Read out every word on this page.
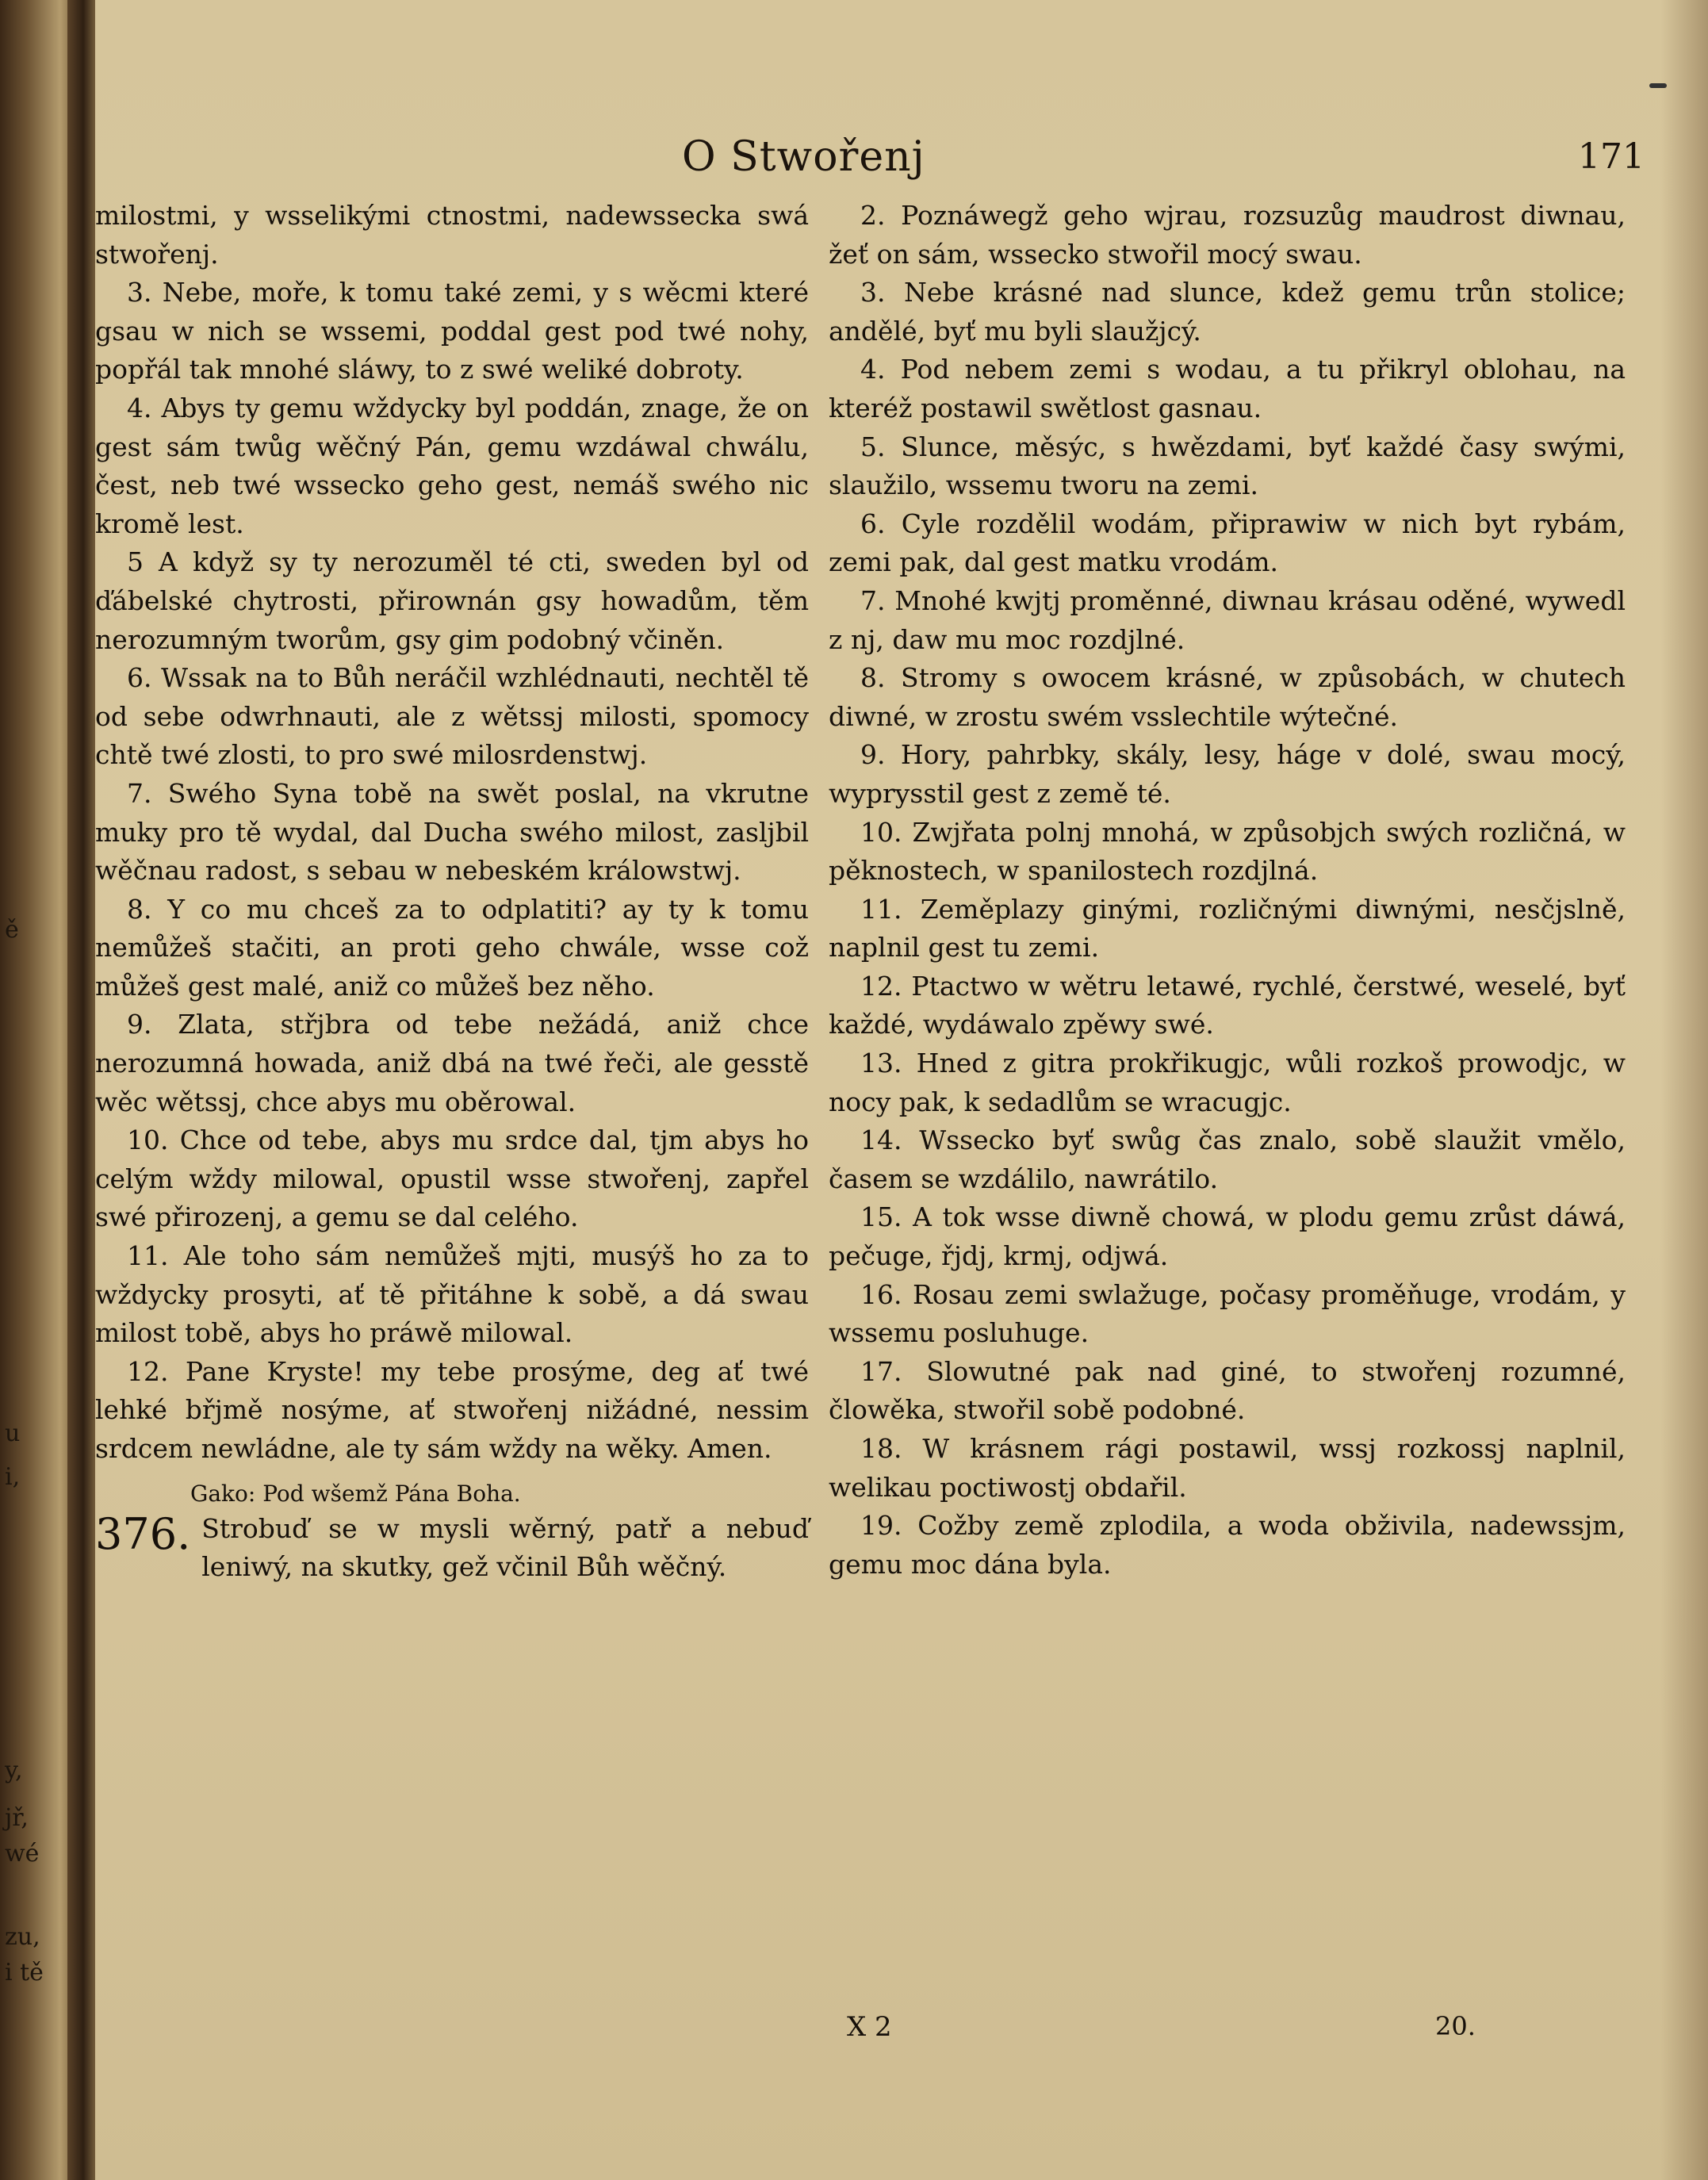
ě
u
i,
y,
jř,
wé
zu,
i tě
O Stwořenj	171

milostmi, y wsselikými ctnostmi, nadewssecka swá stwořenj.

3. Nebe, moře, k tomu také zemi, y s wěcmi které gsau w nich se wssemi, poddal gest pod twé nohy, popřál tak mnohé sláwy, to z swé weliké dobroty.

4. Abys ty gemu wždycky byl poddán, znage, že on gest sám twůg wěčný Pán, gemu wzdáwal chwálu, čest, neb twé wssecko geho gest, nemáš swého nic kromě lest.

5 A když sy ty nerozuměl té cti, sweden byl od ďábelské chytrosti, přirownán gsy howadům, těm nerozumným tworům, gsy gim podobný včiněn.

6. Wssak na to Bůh neráčil wzhlédnauti, nechtěl tě od sebe odwrhnauti, ale z wětssj milosti, spomocy chtě twé zlosti, to pro swé milosrdenstwj.

7. Swého Syna tobě na swět poslal, na vkrutne muky pro tě wydal, dal Ducha swého milost, zasljbil wěčnau radost, s sebau w nebeském králowstwj.

8. Y co mu chceš za to odplatiti? ay ty k tomu nemůžeš stačiti, an proti geho chwále, wsse což můžeš gest malé, aniž co můžeš bez něho.

9. Zlata, střjbra od tebe nežádá, aniž chce nerozumná howada, aniž dbá na twé řeči, ale gesstě wěc wětssj, chce abys mu oběrowal.

10. Chce od tebe, abys mu srdce dal, tjm abys ho celým wždy milowal, opustil wsse stwořenj, zapřel swé přirozenj, a gemu se dal celého.

11. Ale toho sám nemůžeš mjti, musýš ho za to wždycky prosyti, ať tě přitáhne k sobě, a dá swau milost tobě, abys ho práwě milowal.

12. Pane Kryste! my tebe prosýme, deg ať twé lehké břjmě nosýme, ať stwořenj nižádné, nessim srdcem newládne, ale ty sám wždy na wěky. Amen.

Gako: Pod wšemž Pána Boha.

376. Strobuď se w mysli wěrný, patř a nebuď leniwý, na skutky, gež včinil Bůh wěčný.

2. Poznáwegž geho wjrau, rozsuzůg maudrost diwnau, žeť on sám, wssecko stwořil mocý swau.

3. Nebe krásné nad slunce, kdež gemu trůn stolice; andělé, byť mu byli slaužjcý.

4. Pod nebem zemi s wodau, a tu přikryl oblohau, na kteréž postawil swětlost gasnau.

5. Slunce, měsýc, s hwězdami, byť každé časy swými, slaužilo, wssemu tworu na zemi.

6. Cyle rozdělil wodám, připrawiw w nich byt rybám, zemi pak, dal gest matku vrodám.

7. Mnohé kwjtj proměnné, diwnau krásau oděné, wywedl z nj, daw mu moc rozdjlné.

8. Stromy s owocem krásné, w způsobách, w chutech diwné, w zrostu swém vsslechtile wýtečné.

9. Hory, pahrbky, skály, lesy, háge v dolé, swau mocý, wyprysstil gest z země té.

10. Zwjřata polnj mnohá, w způsobjch swých rozličná, w pěknostech, w spanilostech rozdjlná.

11. Zeměplazy ginými, rozličnými diwnými, nesčjslně, naplnil gest tu zemi.

12. Ptactwo w wětru letawé, rychlé, čerstwé, weselé, byť každé, wydáwalo zpěwy swé.

13. Hned z gitra prokřikugjc, wůli rozkoš prowodjc, w nocy pak, k sedadlům se wracugjc.

14. Wssecko byť swůg čas znalo, sobě slaužit vmělo, časem se wzdálilo, nawrátilo.

15. A tok wsse diwně chowá, w plodu gemu zrůst dáwá, pečuge, řjdj, krmj, odjwá.

16. Rosau zemi swlažuge, počasy proměňuge, vrodám, y wssemu posluhuge.

17. Slowutné pak nad giné, to stwořenj rozumné, člowěka, stwořil sobě podobné.

18. W krásnem rági postawil, wssj rozkossj naplnil, welikau poctiwostj obdařil.

19. Cožby země zplodila, a woda obživila, nadewssjm, gemu moc dána byla.

X 2	20.
